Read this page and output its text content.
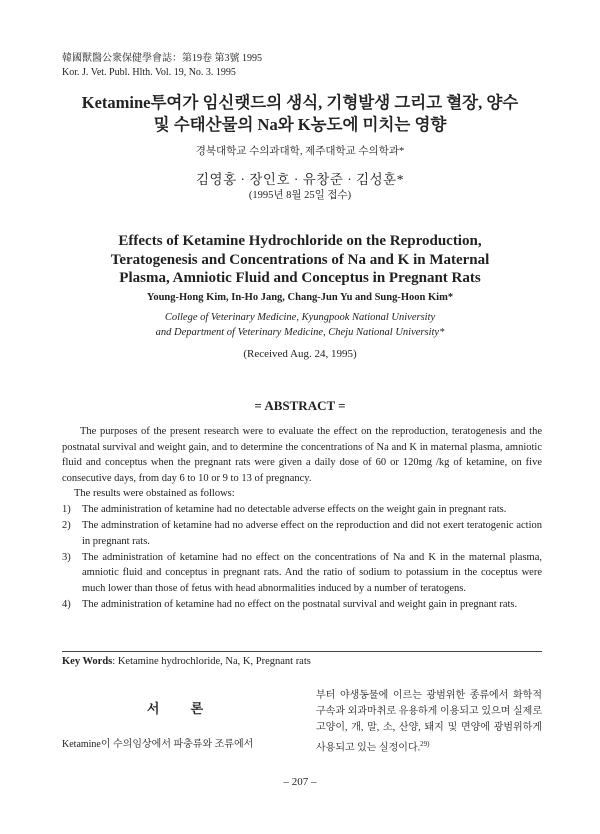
韓國獸醫公衆保健學會誌：第19卷 第3號 1995
Kor. J. Vet. Publ. Hlth. Vol. 19, No. 3. 1995
Ketamine투여가 임신랫드의 생식, 기형발생 그리고 혈장, 양수
및 수태산물의 Na와 K농도에 미치는 영향
경북대학교 수의과대학, 제주대학교 수의학과*
김영홍 · 장인호 · 유창준 · 김성훈*
(1995년 8월 25일 접수)
Effects of Ketamine Hydrochloride on the Reproduction,
Teratogenesis and Concentrations of Na and K in Maternal
Plasma, Amniotic Fluid and Conceptus in Pregnant Rats
Young-Hong Kim, In-Ho Jang, Chang-Jun Yu and Sung-Hoon Kim*
College of Veterinary Medicine, Kyungpook National University
and Department of Veterinary Medicine, Cheju National University*
(Received Aug. 24, 1995)
= ABSTRACT =
The purposes of the present research were to evaluate the effect on the reproduction, teratogenesis and the postnatal survival and weight gain, and to determine the concentrations of Na and K in maternal plasma, amniotic fluid and conceptus when the pregnant rats were given a daily dose of 60 or 120mg /kg of ketamine, on five consecutive days, from day 6 to 10 or 9 to 13 of pregnancy.
The results were obstained as follows:
1) The administration of ketamine had no detectable adverse effects on the weight gain in pregnant rats.
2) The adminstration of ketamine had no adverse effect on the reproduction and did not exert teratogenic action in pregnant rats.
3) The administration of ketamine had no effect on the concentrations of Na and K in the maternal plasma, amniotic fluid and conceptus in pregnant rats. And the ratio of sodium to potassium in the coceptus were much lower than those of fetus with head abnormalities induced by a number of teratogens.
4) The administration of ketamine had no effect on the postnatal survival and weight gain in pregnant rats.
Key Words: Ketamine hydrochloride, Na, K, Pregnant rats
서 론
Ketamine이 수의임상에서 파충류와 조류에서
부터 야생동물에 이르는 광범위한 종류에서 화학적 구속과 외과마취로 유용하게 이용되고 있으며 실제로 고양이, 개, 말, 소, 산양, 돼지 및 면양에 광범위하게 사용되고 있는 실정이다.$^{29)}$
– 207 –
